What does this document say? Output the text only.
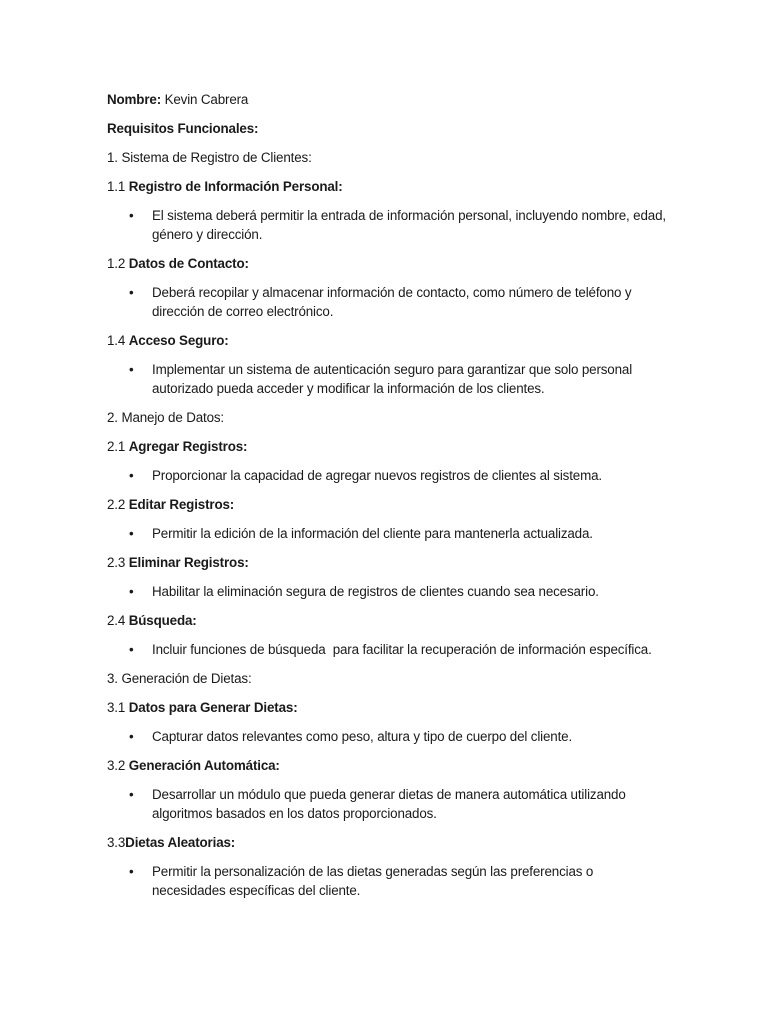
Nombre: Kevin Cabrera

Requisitos Funcionales:

1. Sistema de Registro de Clientes:

1.1 Registro de Información Personal:

• El sistema deberá permitir la entrada de información personal, incluyendo nombre, edad, género y dirección.

1.2 Datos de Contacto:

• Deberá recopilar y almacenar información de contacto, como número de teléfono y dirección de correo electrónico.

1.4 Acceso Seguro:

• Implementar un sistema de autenticación seguro para garantizar que solo personal autorizado pueda acceder y modificar la información de los clientes.

2. Manejo de Datos:

2.1 Agregar Registros:

• Proporcionar la capacidad de agregar nuevos registros de clientes al sistema.

2.2 Editar Registros:

• Permitir la edición de la información del cliente para mantenerla actualizada.

2.3 Eliminar Registros:

• Habilitar la eliminación segura de registros de clientes cuando sea necesario.

2.4 Búsqueda:

• Incluir funciones de búsqueda  para facilitar la recuperación de información específica.

3. Generación de Dietas:

3.1 Datos para Generar Dietas:

• Capturar datos relevantes como peso, altura y tipo de cuerpo del cliente.

3.2 Generación Automática:

• Desarrollar un módulo que pueda generar dietas de manera automática utilizando algoritmos basados en los datos proporcionados.

3.3Dietas Aleatorias:

• Permitir la personalización de las dietas generadas según las preferencias o necesidades específicas del cliente.
